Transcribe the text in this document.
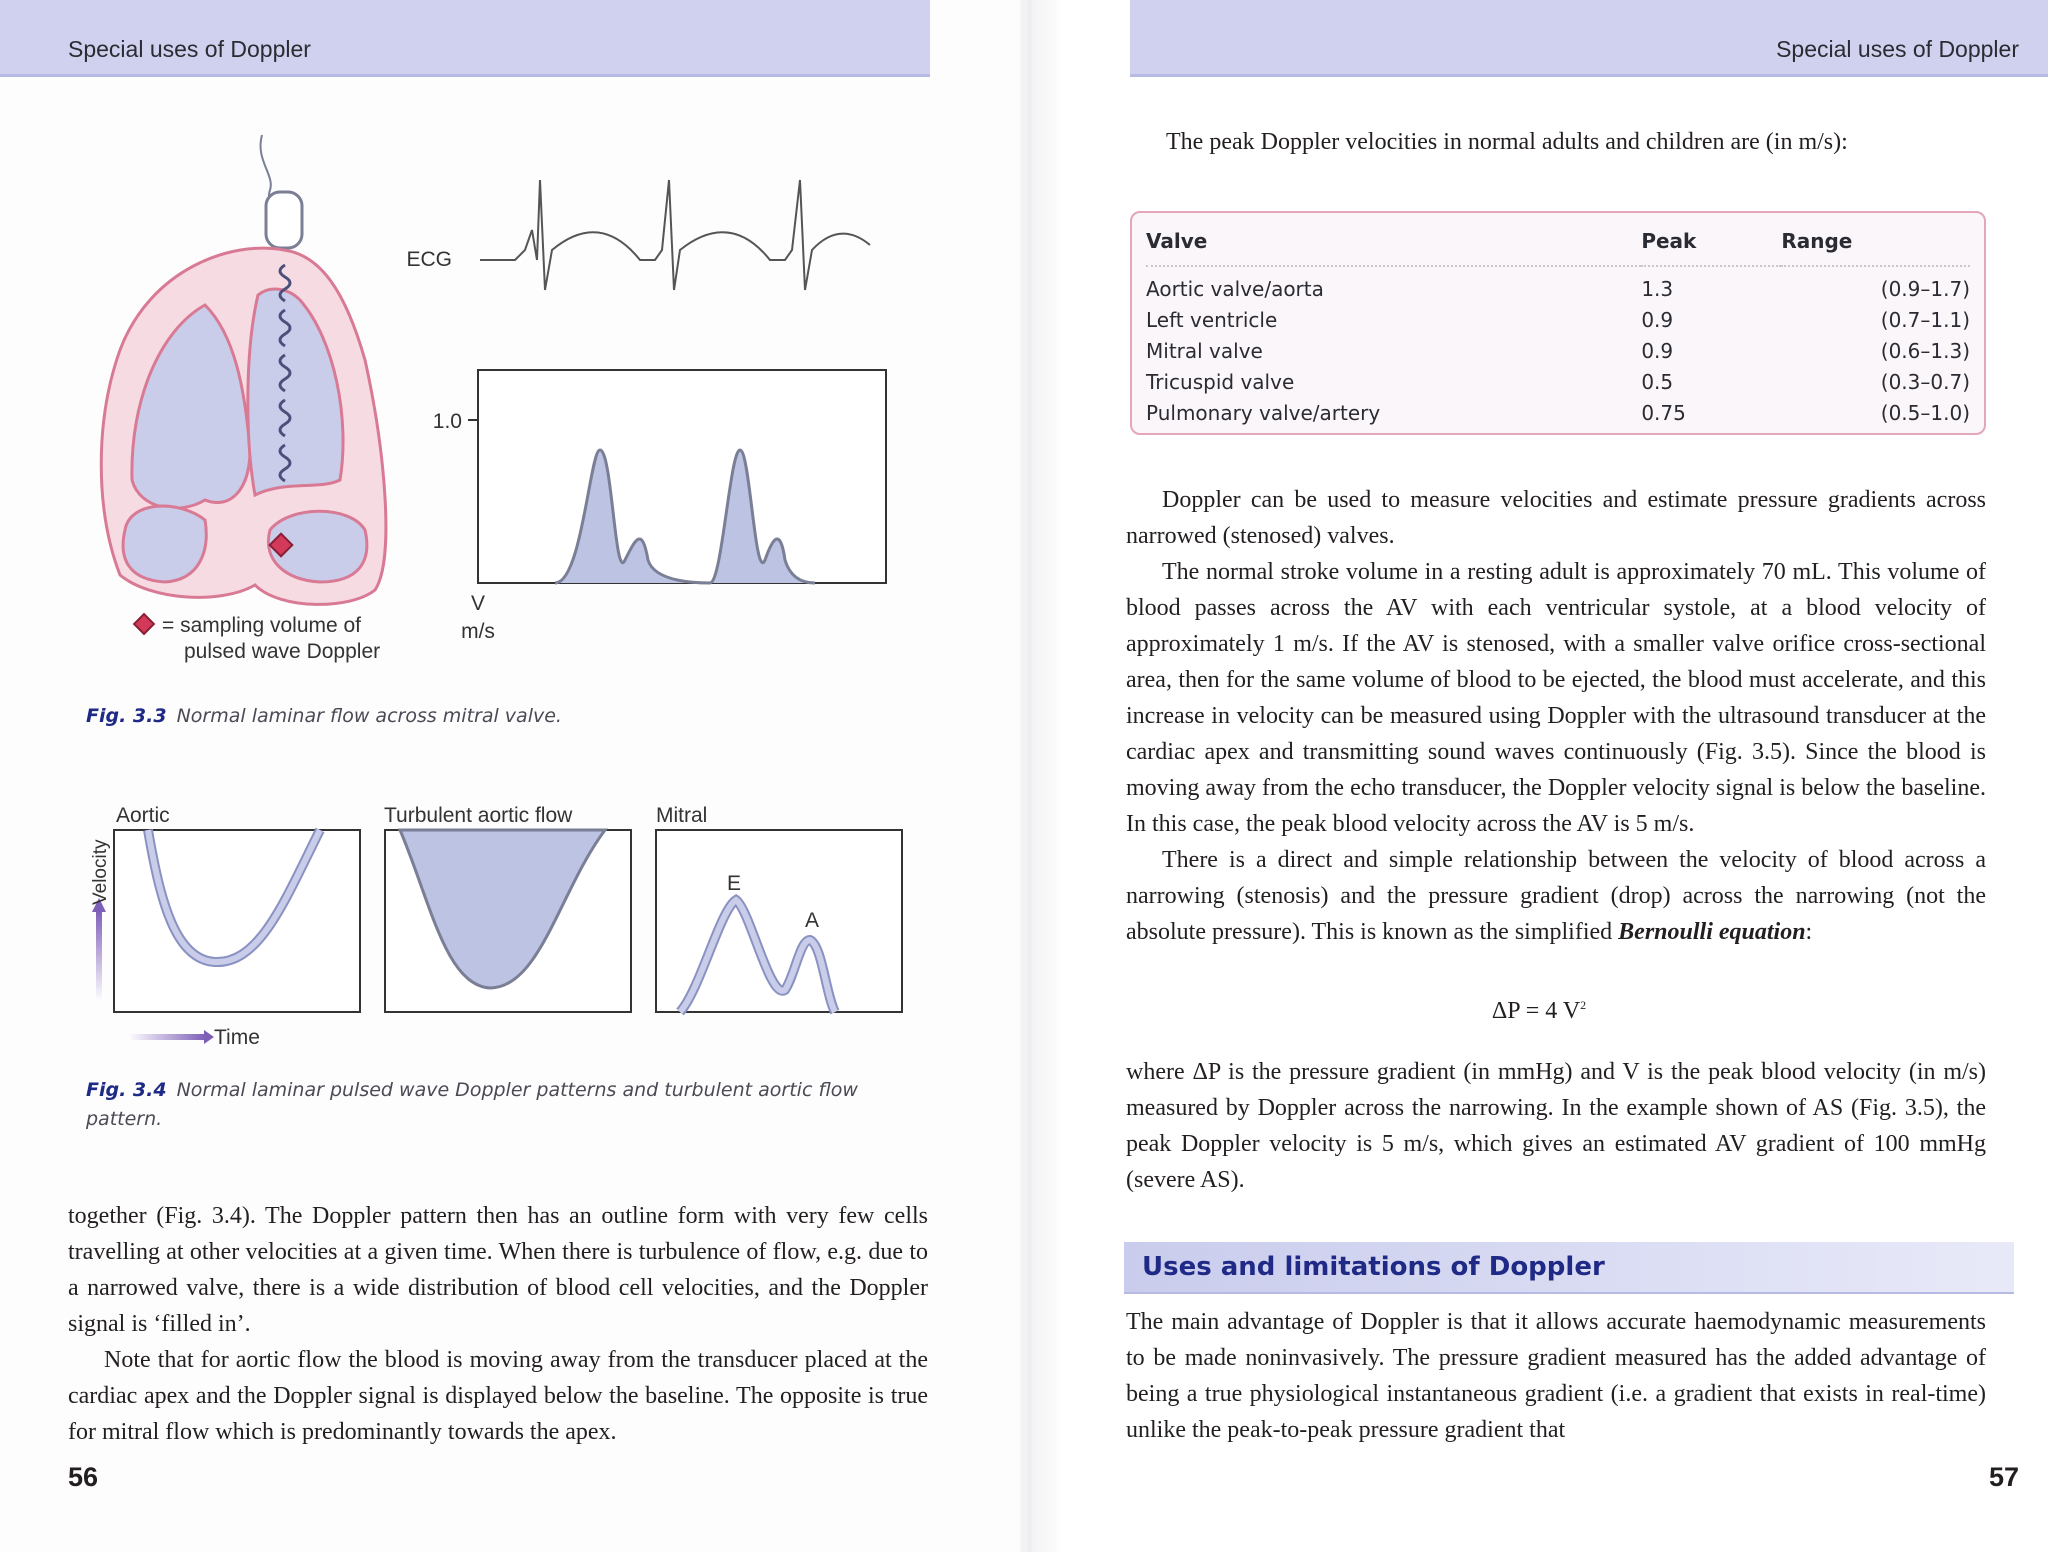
Special uses of Doppler
ECG
1.0
V
m/s
= sampling volume of
pulsed wave Doppler
Fig. 3.3 Normal laminar flow across mitral valve.
Aortic	Turbulent aortic flow	Mitral
E
A
Velocity
Time
Fig. 3.4 Normal laminar pulsed wave Doppler patterns and turbulent aortic flow pattern.

together (Fig. 3.4). The Doppler pattern then has an outline form with very few cells travelling at other velocities at a given time. When there is turbulence of flow, e.g. due to a narrowed valve, there is a wide distribution of blood cell velocities, and the Doppler signal is ‘filled in’.

Note that for aortic flow the blood is moving away from the transducer placed at the cardiac apex and the Doppler signal is displayed below the baseline. The opposite is true for mitral flow which is predominantly towards the apex.

56
Special uses of Doppler

The peak Doppler velocities in normal adults and children are (in m/s):

Valve	Peak	Range
Aortic valve/aorta	1.3	(0.9–1.7)
Left ventricle	0.9	(0.7–1.1)
Mitral valve	0.9	(0.6–1.3)
Tricuspid valve	0.5	(0.3–0.7)
Pulmonary valve/artery	0.75	(0.5–1.0)

Doppler can be used to measure velocities and estimate pressure gradients across narrowed (stenosed) valves.

The normal stroke volume in a resting adult is approximately 70 mL. This volume of blood passes across the AV with each ventricular systole, at a blood velocity of approximately 1 m/s. If the AV is stenosed, with a smaller valve orifice cross-sectional area, then for the same volume of blood to be ejected, the blood must accelerate, and this increase in velocity can be measured using Doppler with the ultrasound transducer at the cardiac apex and transmitting sound waves continuously (Fig. 3.5). Since the blood is moving away from the echo transducer, the Doppler velocity signal is below the baseline. In this case, the peak blood velocity across the AV is 5 m/s.

There is a direct and simple relationship between the velocity of blood across a narrowing (stenosis) and the pressure gradient (drop) across the narrowing (not the absolute pressure). This is known as the simplified Bernoulli equation:

ΔP = 4 $V^2$

where ΔP is the pressure gradient (in mmHg) and V is the peak blood velocity (in m/s) measured by Doppler across the narrowing. In the example shown of AS (Fig. 3.5), the peak Doppler velocity is 5 m/s, which gives an estimated AV gradient of 100 mmHg (severe AS).

Uses and limitations of Doppler

The main advantage of Doppler is that it allows accurate haemodynamic measurements to be made noninvasively. The pressure gradient measured has the added advantage of being a true physiological instantaneous gradient (i.e. a gradient that exists in real-time) unlike the peak-to-peak pressure gradient that

57
